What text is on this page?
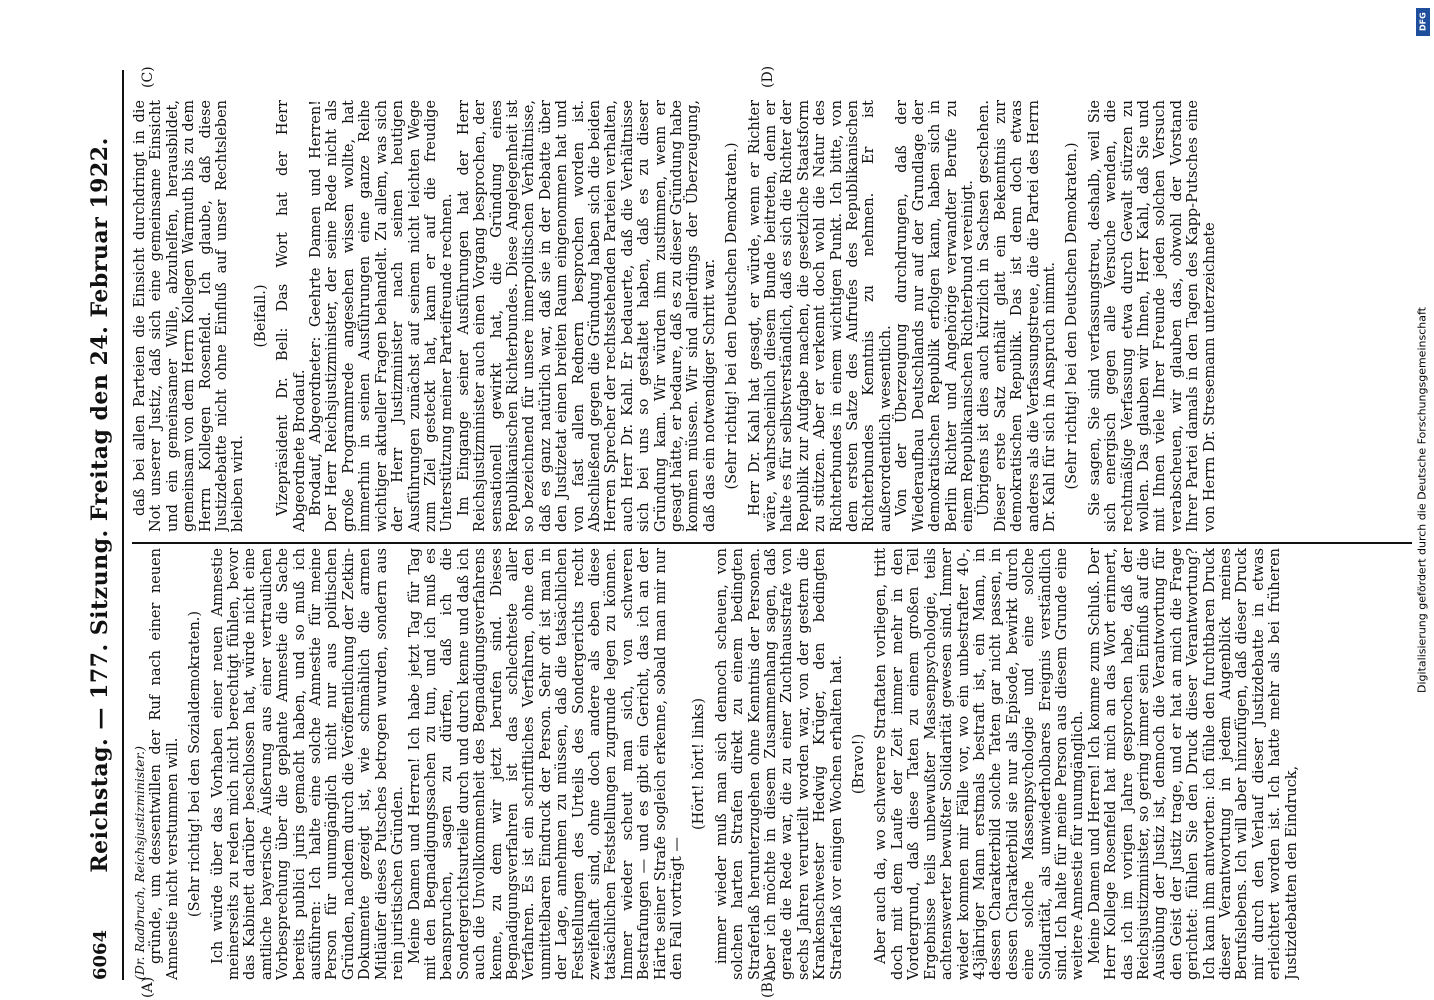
6064
Reichstag. — 177. Sitzung. Freitag den 24. Februar 1922. (Dr. Radbruch, Reichsjustizminister.) gründe, um dessentwillen der Ruf nach einer neuen Amnestie nicht verstummen will. (Sehr richtig! bei den Sozialdemokraten.) Ich würde über das Vorhaben einer neuen Amnestie meinerseits zu reden mich nicht berechtigt fühlen, bevor das Kabinett darüber beschlossen hat, würde nicht eine amtliche bayerische Äußerung aus einer vertraulichen Vorbesprechung über die geplante Amnestie die Sache bereits publici juris gemacht haben, und so muß ich ausführen: Ich halte eine solche Amnestie für meine Person für unumgänglich nicht nur aus politischen Gründen, nachdem durch die Veröffentlichung der Zetkin-Dokumente gezeigt ist, wie schmählich die armen Mitläufer dieses Putsches betrogen wurden, sondern aus rein juristischen Gründen. Meine Damen und Herren! Ich habe jetzt Tag für Tag mit den Begnadigungssachen zu tun, und ich muß es beanspruchen, sagen zu dürfen, daß ich die Sondergerichtsurteile durch und durch kenne und daß ich auch die Unvollkommenheit des Begnadigungsverfahrens kenne, zu dem wir jetzt berufen sind. Dieses Begnadigungsverfahren ist das schlechteste aller Verfahren. Es ist ein schriftliches Verfahren, ohne den unmittelbaren Eindruck der Person. Sehr oft ist man in der Lage, annehmen zu müssen, daß die tatsächlichen Feststellungen des Urteils des Sondergerichts recht zweifelhaft sind, ohne doch andere als eben diese tatsächlichen Feststellungen zugrunde legen zu können. Immer wieder scheut man sich, von schweren Bestrafungen — und es gibt ein Gericht, das ich an der Härte seiner Strafe sogleich erkenne, sobald man mir nur den Fall vorträgt —

(Hört! hört! links) immer wieder muß man sich dennoch scheuen, von solchen harten Strafen direkt zu einem bedingten Straferlaß herunterzugehen ohne Kenntnis der Personen. Aber ich möchte in diesem Zusammenhang sagen, daß gerade die Rede war, die zu einer Zuchthausstrafe von sechs Jahren verurteilt worden war, von der gestern die Krankenschwester Hedwig Krüger, den bedingten Straferlaß vor einigen Wochen erhalten hat. (Bravo!) Aber auch da, wo schwerere Straftaten vorliegen, tritt doch mit dem Laufe der Zeit immer mehr in den Vordergrund, daß diese Taten zu einem großen Teil Ergebnisse teils unbewußter Massenpsychologie, teils achtenswerter bewußter Solidarität gewesen sind. Immer wieder kommen mir Fälle vor, wo ein unbestrafter 40-, 43jähriger Mann erstmals bestraft ist, ein Mann, in dessen Charakterbild solche Taten gar nicht passen, in dessen Charakterbild sie nur als Episode, bewirkt durch eine solche Massenpsychologie und eine solche Solidarität, als unwiederholbares Ereignis verständlich sind. Ich halte für meine Person aus diesem Grunde eine weitere Amnestie für unumgänglich. Meine Damen und Herren! Ich komme zum Schluß. Der Herr Kollege Rosenfeld hat mich an das Wort erinnert, das ich im vorigen Jahre gesprochen habe, daß der Reichsjustizminister, so gering immer sein Einfluß auf die Ausübung der Justiz ist, dennoch die Verantwortung für den Geist der Justiz trage, und er hat an mich die Frage gerichtet: fühlen Sie den Druck dieser Verantwortung? Ich kann ihm antworten: ich fühle den furchtbaren Druck dieser Verantwortung in jedem Augenblick meines Berufslebens. Ich will aber hinzufügen, daß dieser Druck mir durch den Verlauf dieser Justizdebatte in etwas erleichtert worden ist. Ich hatte mehr als bei früheren Justizdebatten den Eindruck,

daß bei allen Parteien die Einsicht durchdringt in die Not unserer Justiz, daß sich eine gemeinsame Einsicht und ein gemeinsamer Wille, abzuhelfen, herausbildet, gemeinsam von dem Herrn Kollegen Warmuth bis zu dem Herrn Kollegen Rosenfeld. Ich glaube, daß diese Justizdebatte nicht ohne Einfluß auf unser Rechtsleben bleiben wird.

(Beifall.) Vizepräsident Dr. Bell: Das Wort hat der Herr Abgeordnete Brodauf. Brodauf, Abgeordneter: Geehrte Damen und Herren! Der Herr Reichsjustizminister, der seine Rede nicht als große Programmrede angesehen wissen wollte, hat immerhin in seinen Ausführungen eine ganze Reihe wichtiger aktueller Fragen behandelt. Zu allem, was sich der Herr Justizminister nach seinen heutigen Ausführungen zunächst auf seinem nicht leichten Wege zum Ziel gesteckt hat, kann er auf die freudige Unterstützung meiner Parteifreunde rechnen. Im Eingange seiner Ausführungen hat der Herr Reichsjustizminister auch einen Vorgang besprochen, der sensationell gewirkt hat, die Gründung eines Republikanischen Richterbundes. Diese Angelegenheit ist so bezeichnend für unsere innerpolitischen Verhältnisse, daß es ganz natürlich war, daß sie in der Debatte über den Justizetat einen breiten Raum eingenommen hat und von fast allen Rednern besprochen worden ist. Abschließend gegen die Gründung haben sich die beiden Herren Sprecher der rechtsstehenden Parteien verhalten, auch Herr Dr. Kahl. Er bedauerte, daß die Verhältnisse sich bei uns so gestaltet haben, daß es zu dieser Gründung kam. Wir würden ihm zustimmen, wenn er gesagt hätte, er bedaure, daß es zu dieser Gründung habe kommen müssen. Wir sind allerdings der Überzeugung, daß das ein notwendiger Schritt war. (Sehr richtig! bei den Deutschen Demokraten.) Herr Dr. Kahl hat gesagt, er würde, wenn er Richter wäre, wahrscheinlich diesem Bunde beitreten, denn er halte es für selbstverständlich, daß es sich die Richter der Republik zur Aufgabe machen, die gesetzliche Staatsform zu stützen. Aber er verkennt doch wohl die Natur des Richterbundes in einem wichtigen Punkt. Ich bitte, von dem ersten Satze des Aufrufes des Republikanischen Richterbundes Kenntnis zu nehmen. Er ist außerordentlich wesentlich. Von der Überzeugung durchdrungen, daß der Wiederaufbau Deutschlands nur auf der Grundlage der demokratischen Republik erfolgen kann, haben sich in Berlin Richter und Angehörige verwandter Berufe zu einem Republikanischen Richterbund vereinigt. Übrigens ist dies auch kürzlich in Sachsen geschehen. Dieser erste Satz enthält glatt ein Bekenntnis zur demokratischen Republik. Das ist denn doch etwas anderes als die Verfassungstreue, die die Partei des Herrn Dr. Kahl für sich in Anspruch nimmt. (Sehr richtig! bei den Deutschen Demokraten.) Sie sagen, Sie sind verfassungstreu, deshalb, weil Sie sich energisch gegen alle Versuche wenden, die rechtmäßige Verfassung etwa durch Gewalt stürzen zu wollen. Das glauben wir Ihnen, Herr Kahl, daß Sie und mit Ihnen viele Ihrer Freunde jeden solchen Versuch verabscheuen, wir glauben das, obwohl der Vorstand Ihrer Partei damals in den Tagen des Kapp-Putsches eine von Herrn Dr. Stresemann unterzeichnete

(A)	(B)
(C)	(D)
DFG
Digitalisierung gefördert durch die Deutsche Forschungsgemeinschaft
